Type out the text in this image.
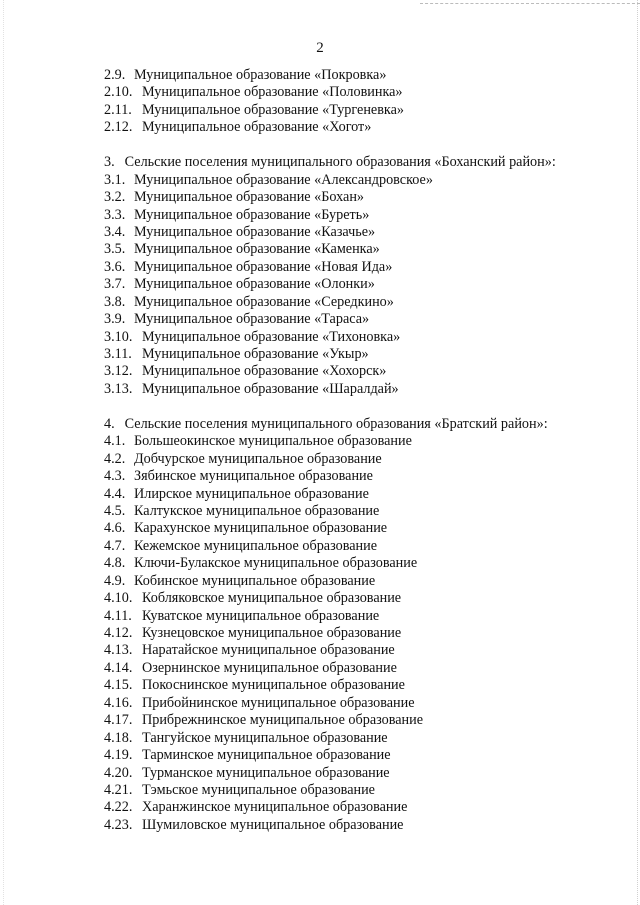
2
2.9. Муниципальное образование «Покровка»
2.10. Муниципальное образование «Половинка»
2.11. Муниципальное образование «Тургеневка»
2.12. Муниципальное образование «Хогот»
3. Сельские поселения муниципального образования «Боханский район»:
3.1. Муниципальное образование «Александровское»
3.2. Муниципальное образование «Бохан»
3.3. Муниципальное образование «Буреть»
3.4. Муниципальное образование «Казачье»
3.5. Муниципальное образование «Каменка»
3.6. Муниципальное образование «Новая Ида»
3.7. Муниципальное образование «Олонки»
3.8. Муниципальное образование «Середкино»
3.9. Муниципальное образование «Тараса»
3.10. Муниципальное образование «Тихоновка»
3.11. Муниципальное образование «Укыр»
3.12. Муниципальное образование «Хохорск»
3.13. Муниципальное образование «Шаралдай»
4. Сельские поселения муниципального образования «Братский район»:
4.1. Большеокинское муниципальное образование
4.2. Добчурское муниципальное образование
4.3. Зябинское муниципальное образование
4.4. Илирское муниципальное образование
4.5. Калтукское муниципальное образование
4.6. Карахунское муниципальное образование
4.7. Кежемское муниципальное образование
4.8. Ключи-Булакское муниципальное образование
4.9. Кобинское муниципальное образование
4.10. Кобляковское муниципальное образование
4.11. Куватское муниципальное образование
4.12. Кузнецовское муниципальное образование
4.13. Наратайское муниципальное образование
4.14. Озернинское муниципальное образование
4.15. Покоснинское муниципальное образование
4.16. Прибойнинское муниципальное образование
4.17. Прибрежнинское муниципальное образование
4.18. Тангуйское муниципальное образование
4.19. Тарминское муниципальное образование
4.20. Турманское муниципальное образование
4.21. Тэмьское муниципальное образование
4.22. Харанжинское муниципальное образование
4.23. Шумиловское муниципальное образование
